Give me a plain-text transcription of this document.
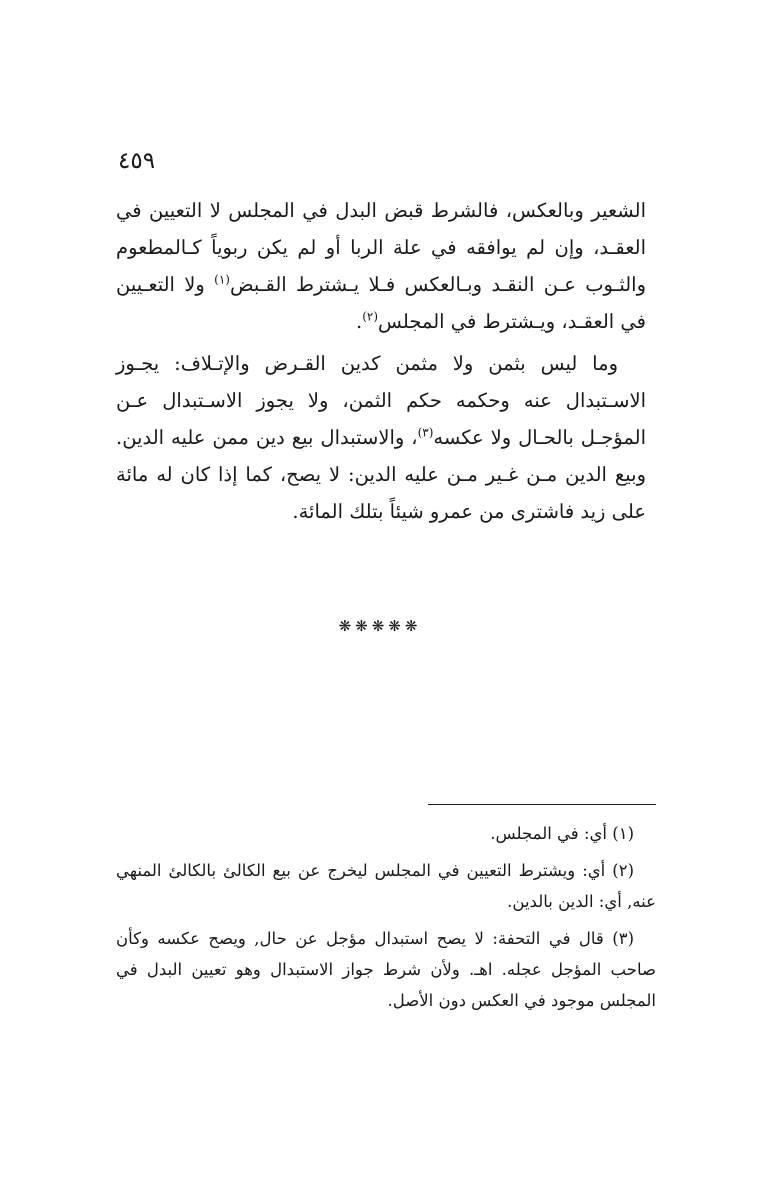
٤٥٩

الشعير وبالعكس، فالشرط قبض البدل في المجلس لا التعيين في العقـد، وإن لم يوافقه في علة الربا أو لم يكن ربوياً كـالمطعوم والثـوب عـن النقـد وبـالعكس فـلا يـشترط القـبض$^{(١)}$ ولا التعـيين في العقـد، ويـشترط في المجلس$^{(٢)}$.

وما ليس بثمن ولا مثمن كدين القـرض والإتـلاف: يجـوز الاسـتبدال عنه وحكمه حكم الثمن، ولا يجوز الاسـتبدال عـن المؤجـل بالحـال ولا عكسه$^{(٣)}$، والاستبدال بيع دين ممن عليه الدين. وبيع الدين مـن غـير مـن عليه الدين: لا يصح، كما إذا كان له مائة على زيد فاشترى من عمرو شيئاً بتلك المائة.

❋❋❋❋❋

(١) أي: في المجلس.

(٢) أي: ويشترط التعيين في المجلس ليخرج عن بيع الكالئ بالكالئ المنهي عنه, أي: الدين بالدين.

(٣) قال في التحفة: لا يصح استبدال مؤجل عن حال, ويصح عكسه وكأن صاحب المؤجل عجله. اهـ. ولأن شرط جواز الاستبدال وهو تعيين البدل في المجلس موجود في العكس دون الأصل.
